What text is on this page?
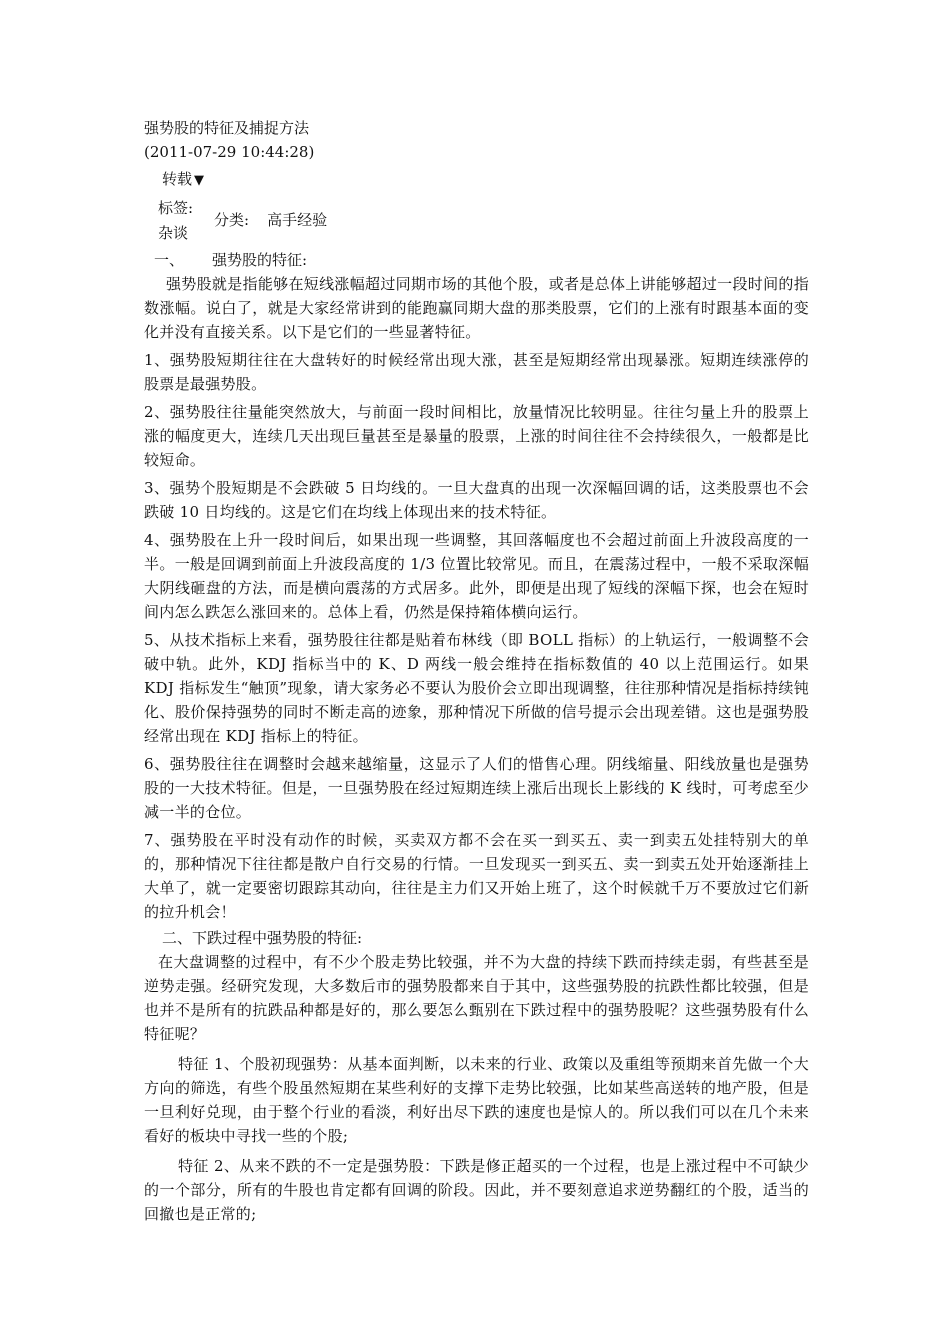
强势股的特征及捕捉方法

(2011-07-29 10:44:28)

转载 ▼
标签:
杂谈
分类: 高手经验

一、 强势股的特征:

强势股就是指能够在短线涨幅超过同期市场的其他个股，或者是总体上讲能够超过一段时间的指数涨幅。说白了，就是大家经常讲到的能跑赢同期大盘的那类股票，它们的上涨有时跟基本面的变化并没有直接关系。以下是它们的一些显著特征。

1、强势股短期往往在大盘转好的时候经常出现大涨，甚至是短期经常出现暴涨。短期连续涨停的股票是最强势股。

2、强势股往往量能突然放大，与前面一段时间相比，放量情况比较明显。往往匀量上升的股票上涨的幅度更大，连续几天出现巨量甚至是暴量的股票，上涨的时间往往不会持续很久，一般都是比较短命。

3、强势个股短期是不会跌破 5 日均线的。一旦大盘真的出现一次深幅回调的话，这类股票也不会跌破 10 日均线的。这是它们在均线上体现出来的技术特征。

4、强势股在上升一段时间后，如果出现一些调整，其回落幅度也不会超过前面上升波段高度的一半。一般是回调到前面上升波段高度的 1/3 位置比较常见。而且，在震荡过程中，一般不采取深幅大阴线砸盘的方法，而是横向震荡的方式居多。此外，即便是出现了短线的深幅下探，也会在短时间内怎么跌怎么涨回来的。总体上看，仍然是保持箱体横向运行。

5、从技术指标上来看，强势股往往都是贴着布林线（即 BOLL 指标）的上轨运行，一般调整不会破中轨。此外，KDJ 指标当中的 K、D 两线一般会维持在指标数值的 40 以上范围运行。如果 KDJ 指标发生“触顶”现象，请大家务必不要认为股价会立即出现调整，往往那种情况是指标持续钝化、股价保持强势的同时不断走高的迹象，那种情况下所做的信号提示会出现差错。这也是强势股经常出现在 KDJ 指标上的特征。

6、强势股往往在调整时会越来越缩量，这显示了人们的惜售心理。阴线缩量、阳线放量也是强势股的一大技术特征。但是，一旦强势股在经过短期连续上涨后出现长上影线的 K 线时，可考虑至少减一半的仓位。

7、强势股在平时没有动作的时候，买卖双方都不会在买一到买五、卖一到卖五处挂特别大的单的，那种情况下往往都是散户自行交易的行情。一旦发现买一到买五、卖一到卖五处开始逐渐挂上大单了，就一定要密切跟踪其动向，往往是主力们又开始上班了，这个时候就千万不要放过它们新的拉升机会！

二、下跌过程中强势股的特征:

在大盘调整的过程中，有不少个股走势比较强，并不为大盘的持续下跌而持续走弱，有些甚至是逆势走强。经研究发现，大多数后市的强势股都来自于其中，这些强势股的抗跌性都比较强，但是也并不是所有的抗跌品种都是好的，那么要怎么甄别在下跌过程中的强势股呢？这些强势股有什么特征呢？

特征 1、个股初现强势：从基本面判断，以未来的行业、政策以及重组等预期来首先做一个大方向的筛选，有些个股虽然短期在某些利好的支撑下走势比较强，比如某些高送转的地产股，但是一旦利好兑现，由于整个行业的看淡，利好出尽下跌的速度也是惊人的。所以我们可以在几个未来看好的板块中寻找一些的个股;

特征 2、从来不跌的不一定是强势股：下跌是修正超买的一个过程，也是上涨过程中不可缺少的一个部分，所有的牛股也肯定都有回调的阶段。因此，并不要刻意追求逆势翻红的个股，适当的回撤也是正常的;
